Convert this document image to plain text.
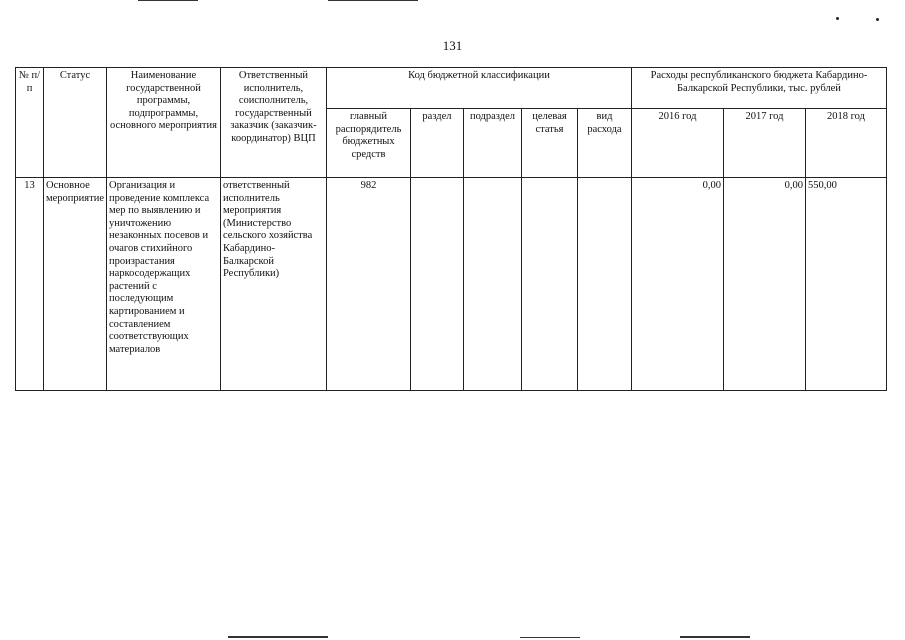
131
№ п/п	Статус	Наименование государственной программы, подпрограммы, основного мероприятия	Ответственный исполнитель, соисполнитель, государственный заказчик (заказчик-координатор) ВЦП	Код бюджетной классификации					Расходы республиканского бюджета Кабардино-Балкарской Республики, тыс. рублей		
				главный распорядитель бюджетных средств	раздел	подраздел	целевая статья	вид расхода	2016 год	2017 год	2018 год
13	Основное мероприятие	Организация и проведение комплекса мер по выявлению и уничтожению незаконных посевов и очагов стихийного произрастания наркосодержащих растений с последующим картированием и составлением соответствующих материалов	ответственный исполнитель мероприятия (Министерство сельского хозяйства Кабардино-Балкарской Республики)	982					0,00	0,00	550,00
